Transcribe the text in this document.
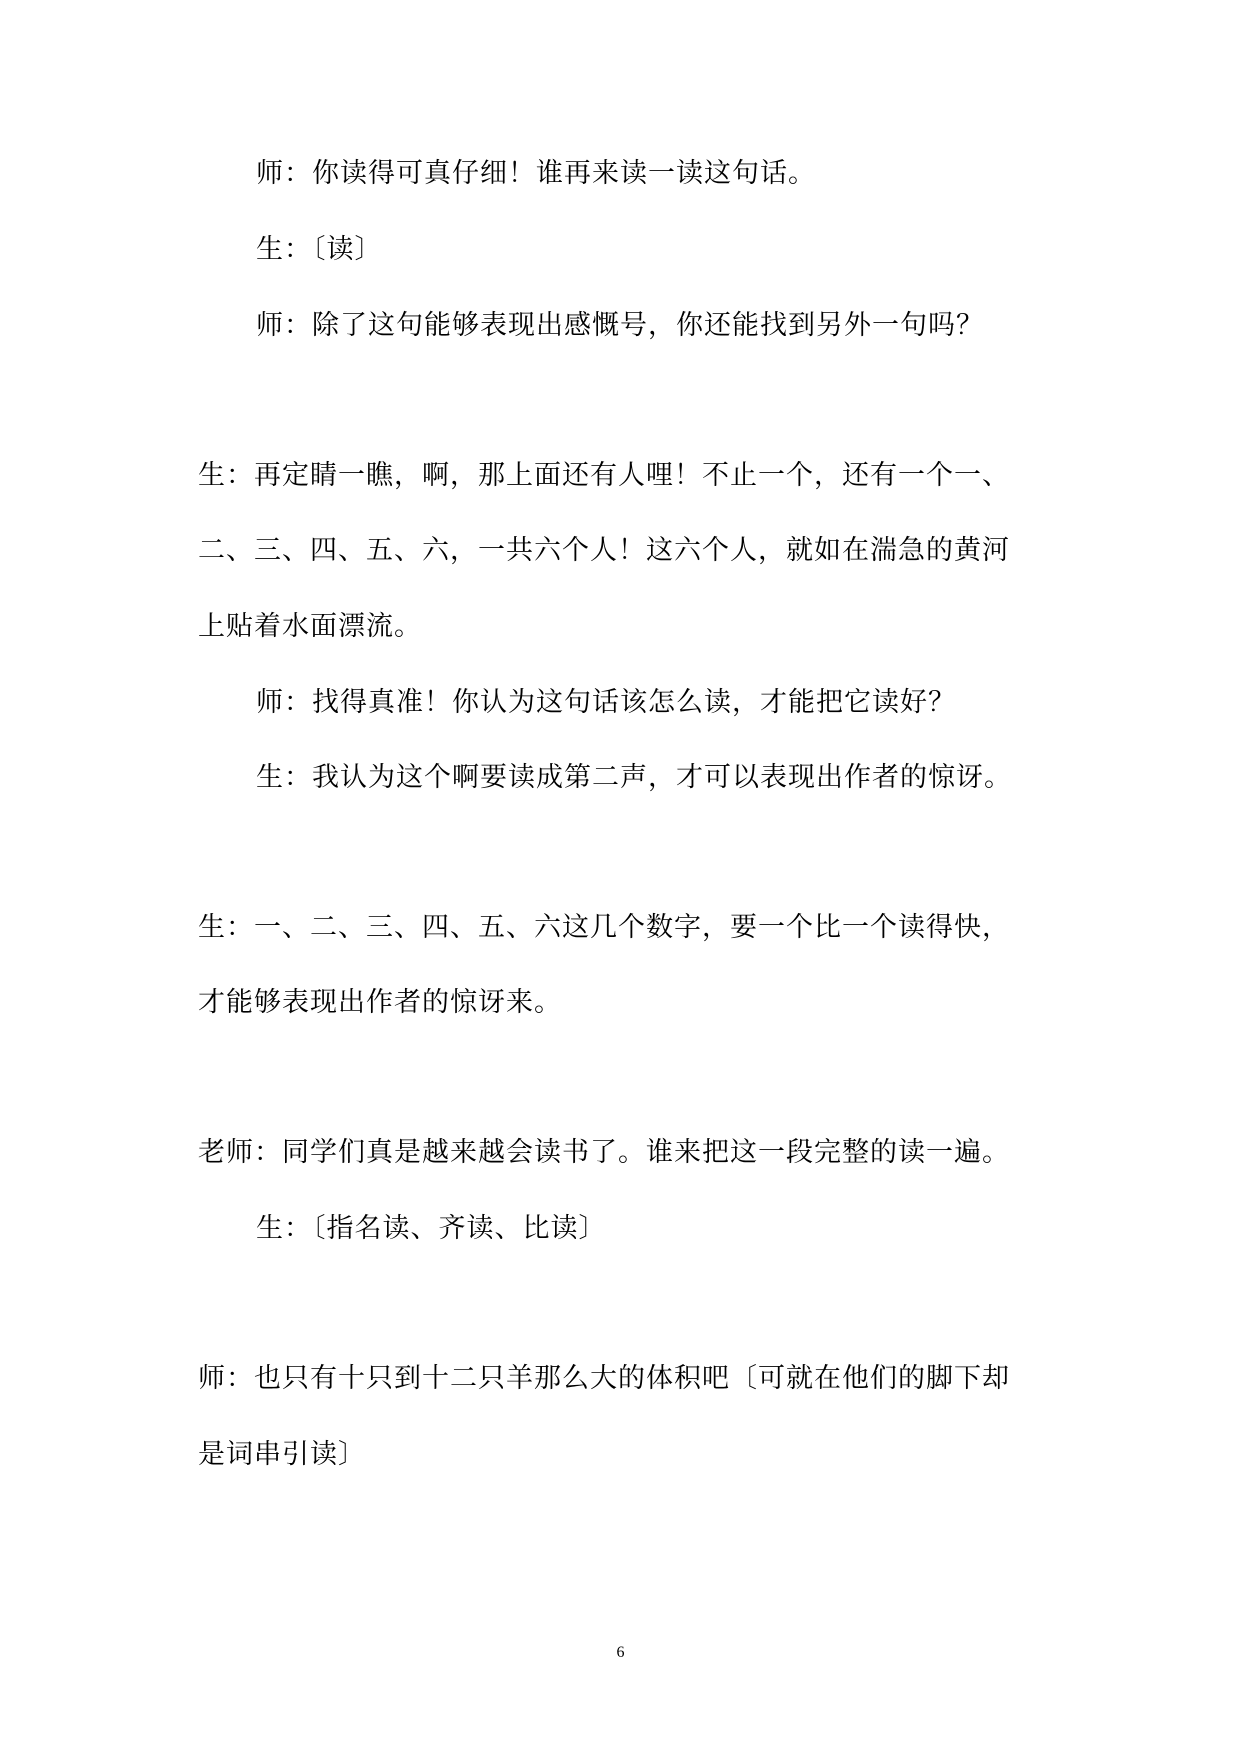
师：你读得可真仔细！谁再来读一读这句话。

生：〔读〕

师：除了这句能够表现出感慨号，你还能找到另外一句吗？

生：再定睛一瞧，啊，那上面还有人哩！不止一个，还有一个一、

二、三、四、五、六，一共六个人！这六个人，就如在湍急的黄河

上贴着水面漂流。

师：找得真准！你认为这句话该怎么读，才能把它读好？

生：我认为这个啊要读成第二声，才可以表现出作者的惊讶。

生：一、二、三、四、五、六这几个数字，要一个比一个读得快，

才能够表现出作者的惊讶来。

老师：同学们真是越来越会读书了。谁来把这一段完整的读一遍。

生：〔指名读、齐读、比读〕

师：也只有十只到十二只羊那么大的体积吧〔可就在他们的脚下却

是词串引读〕

6
